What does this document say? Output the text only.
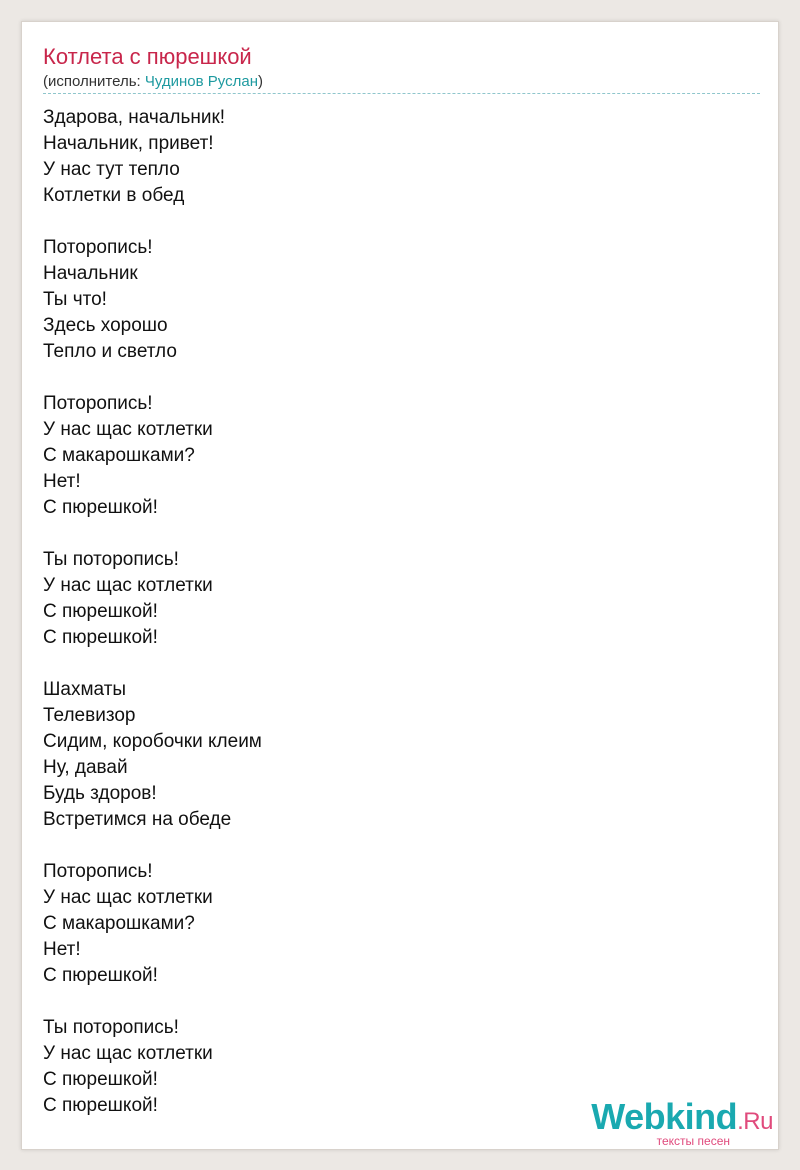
Котлета с пюрешкой
(исполнитель: Чудинов Руслан)
Здарова, начальник!
Начальник, привет!
У нас тут тепло
Котлетки в обед
Поторопись!
Начальник
Ты что!
Здесь хорошо
Тепло и светло
Поторопись!
У нас щас котлетки
С макарошками?
Нет!
С пюрешкой!
Ты поторопись!
У нас щас котлетки
С пюрешкой!
С пюрешкой!
Шахматы
Телевизор
Сидим, коробочки клеим
Ну, давай
Будь здоров!
Встретимся на обеде
Поторопись!
У нас щас котлетки
С макарошками?
Нет!
С пюрешкой!
Ты поторопись!
У нас щас котлетки
С пюрешкой!
С пюрешкой!	Webkind.Ru
тексты песен
